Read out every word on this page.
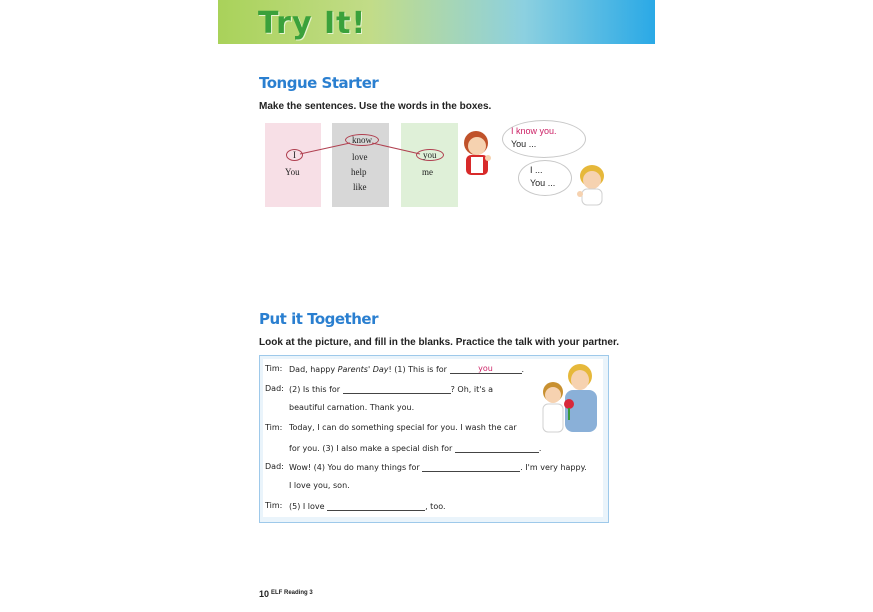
Try It!
Tongue Starter
Make the sentences. Use the words in the boxes.
I
You
know
love
help
like
you
me
I know you.
You ...
I ...
You ...
Put it Together
Look at the picture, and fill in the blanks. Practice the talk with your partner.
Tim: Dad, happy Parents' Day! (1) This is for	you	.
Dad: (2) Is this for	? Oh, it's a
beautiful carnation. Thank you.
Tim: Today, I can do something special for you. I wash the car
for you. (3) I also make a special dish for	.
Dad: Wow! (4) You do many things for	. I'm very happy.
I love you, son.
Tim: (5) I love	, too.
10 ELF Reading 3
